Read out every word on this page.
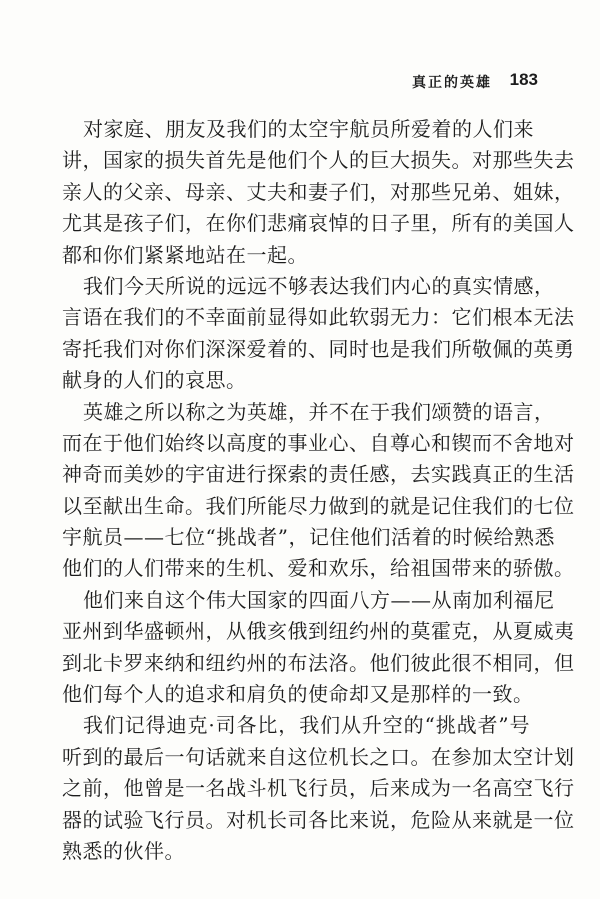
真正的英雄 183
对家庭、朋友及我们的太空宇航员所爱着的人们来
讲，国家的损失首先是他们个人的巨大损失。对那些失去
亲人的父亲、母亲、丈夫和妻子们，对那些兄弟、姐妹，
尤其是孩子们，在你们悲痛哀悼的日子里，所有的美国人
都和你们紧紧地站在一起。
我们今天所说的远远不够表达我们内心的真实情感，
言语在我们的不幸面前显得如此软弱无力：它们根本无法
寄托我们对你们深深爱着的、同时也是我们所敬佩的英勇
献身的人们的哀思。
英雄之所以称之为英雄，并不在于我们颂赞的语言，
而在于他们始终以高度的事业心、自尊心和锲而不舍地对
神奇而美妙的宇宙进行探索的责任感，去实践真正的生活
以至献出生命。我们所能尽力做到的就是记住我们的七位
宇航员——七位“挑战者”，记住他们活着的时候给熟悉
他们的人们带来的生机、爱和欢乐，给祖国带来的骄傲。
他们来自这个伟大国家的四面八方——从南加利福尼
亚州到华盛顿州，从俄亥俄到纽约州的莫霍克，从夏威夷
到北卡罗来纳和纽约州的布法洛。他们彼此很不相同，但
他们每个人的追求和肩负的使命却又是那样的一致。
我们记得迪克·司各比，我们从升空的“挑战者”号
听到的最后一句话就来自这位机长之口。在参加太空计划
之前，他曾是一名战斗机飞行员，后来成为一名高空飞行
器的试验飞行员。对机长司各比来说，危险从来就是一位
熟悉的伙伴。
